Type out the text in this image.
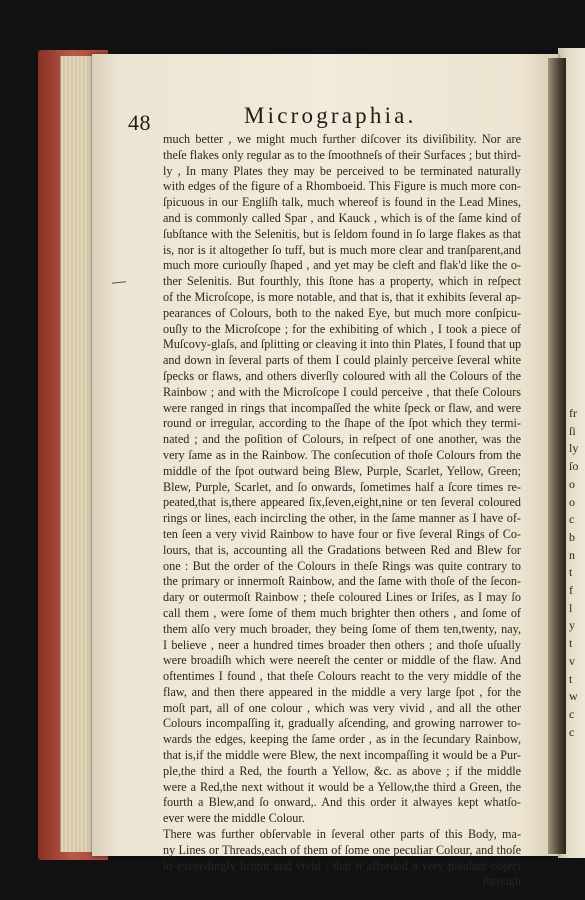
fr
ſi
ly
ſo
o
o
c
b
n
t
f
l
y
t
v
t
w
c
c
48	Micrographia.
much better , we might much further diſcover its diviſibility. Nor are
theſe flakes only regular as to the ſmoothneſs of their Surfaces ; but third-
ly , In many Plates they may be perceived to be terminated naturally
with edges of the figure of a Rhomboeid. This Figure is much more con-
ſpicuous in our Engliſh talk, much whereof is found in the Lead Mines,
and is commonly called Spar , and Kauck , which is of the ſame kind of
ſubſtance with the Selenitis, but is ſeldom found in ſo large flakes as that
is, nor is it altogether ſo tuff, but is much more clear and tranſparent,and
much more curiouſly ſhaped , and yet may be cleft and flak'd like the o-
ther Selenitis. But fourthly, this ſtone has a property, which in reſpect
of the Microſcope, is more notable, and that is, that it exhibits ſeveral ap-
pearances of Colours, both to the naked Eye, but much more conſpicu-
ouſly to the Microſcope ; for the exhibiting of which , I took a piece of
Muſcovy-glaſs, and ſplitting or cleaving it into thin Plates, I found that up
and down in ſeveral parts of them I could plainly perceive ſeveral white
ſpecks or flaws, and others diverſly coloured with all the Colours of the
Rainbow ; and with the Microſcope I could perceive , that theſe Colours
were ranged in rings that incompaſſed the white ſpeck or flaw, and were
round or irregular, according to the ſhape of the ſpot which they termi-
nated ; and the poſition of Colours, in reſpect of one another, was the
very ſame as in the Rainbow. The conſecution of thoſe Colours from the
middle of the ſpot outward being Blew, Purple, Scarlet, Yellow, Green;
Blew, Purple, Scarlet, and ſo onwards, ſometimes half a ſcore times re-
peated,that is,there appeared ſix,ſeven,eight,nine or ten ſeveral coloured
rings or lines, each incircling the other, in the ſame manner as I have of-
ten ſeen a very vivid Rainbow to have four or five ſeveral Rings of Co-
lours, that is, accounting all the Gradations between Red and Blew for
one : But the order of the Colours in theſe Rings was quite contrary to
the primary or innermoſt Rainbow, and the ſame with thoſe of the ſecon-
dary or outermoſt Rainbow ; theſe coloured Lines or Iriſes, as I may ſo
call them , were ſome of them much brighter then others , and ſome of
them alſo very much broader, they being ſome of them ten,twenty, nay,
I believe , neer a hundred times broader then others ; and thoſe uſually
were broadiſh which were neereſt the center or middle of the flaw. And
oftentimes I found , that theſe Colours reacht to the very middle of the
flaw, and then there appeared in the middle a very large ſpot , for the
moſt part, all of one colour , which was very vivid , and all the other
Colours incompaſſing it, gradually aſcending, and growing narrower to-
wards the edges, keeping the ſame order , as in the ſecundary Rainbow,
that is,if the middle were Blew, the next incompaſſing it would be a Pur-
ple,the third a Red, the fourth a Yellow, &c. as above ; if the middle
were a Red,the next without it would be a Yellow,the third a Green, the
fourth a Blew,and ſo onward,. And this order it alwayes kept whatſo-
ever were the middle Colour.
There was further obſervable in ſeveral other parts of this Body, ma-
ny Lines or Threads,each of them of ſome one peculiar Colour, and thoſe
ſo exceedingly bright and vivid , that it afforded a very pleaſant object
through
